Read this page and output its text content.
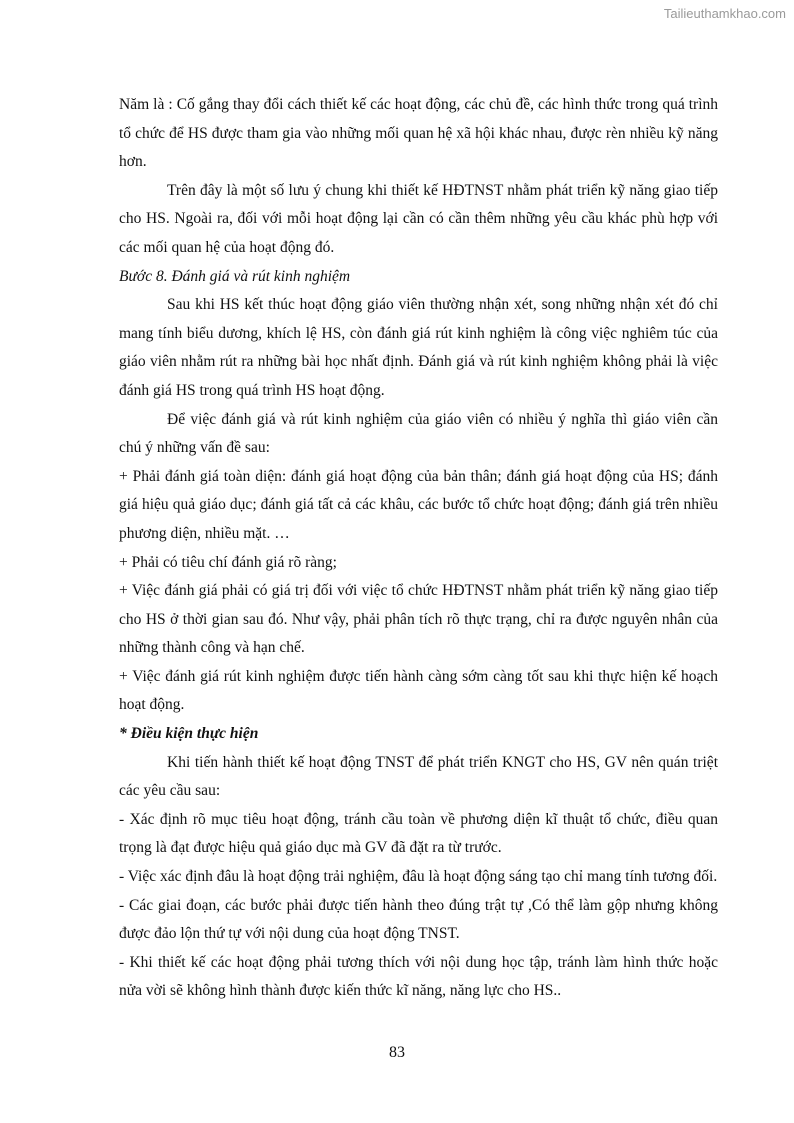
Tailieuthamkhao.com

Năm là : Cố gắng thay đổi cách thiết kế các hoạt động, các chủ đề, các hình thức trong quá trình tổ chức để HS được tham gia vào những mối quan hệ xã hội khác nhau, được rèn nhiều kỹ năng hơn.

Trên đây là một số lưu ý chung khi thiết kế HĐTNST nhằm phát triển kỹ năng giao tiếp cho HS. Ngoài ra, đối với mỗi hoạt động lại cần có cần thêm những yêu cầu khác phù hợp với các mối quan hệ của hoạt động đó.

Bước 8. Đánh giá và rút kinh nghiệm

Sau khi HS kết thúc hoạt động giáo viên thường nhận xét, song những nhận xét đó chỉ mang tính biểu dương, khích lệ HS, còn đánh giá rút kinh nghiệm là công việc nghiêm túc của giáo viên nhằm rút ra những bài học nhất định. Đánh giá và rút kinh nghiệm không phải là việc đánh giá HS trong quá trình HS hoạt động.

Để việc đánh giá và rút kinh nghiệm của giáo viên có nhiều ý nghĩa thì giáo viên cần chú ý những vấn đề sau:

+ Phải đánh giá toàn diện: đánh giá hoạt động của bản thân; đánh giá hoạt động của HS; đánh giá hiệu quả giáo dục; đánh giá tất cả các khâu, các bước tổ chức hoạt động; đánh giá trên nhiều phương diện, nhiều mặt. …

+ Phải có tiêu chí đánh giá rõ ràng;

+ Việc đánh giá phải có giá trị đối với việc tổ chức HĐTNST nhằm phát triển kỹ năng giao tiếp cho HS ở thời gian sau đó. Như vậy, phải phân tích rõ thực trạng, chỉ ra được nguyên nhân của những thành công và hạn chế.

+ Việc đánh giá rút kinh nghiệm được tiến hành càng sớm càng tốt sau khi thực hiện kế hoạch hoạt động.

* Điều kiện thực hiện

Khi tiến hành thiết kế hoạt động TNST để phát triển KNGT cho HS, GV nên quán triệt các yêu cầu sau:

- Xác định rõ mục tiêu hoạt động, tránh cầu toàn về phương diện kĩ thuật tổ chức, điều quan trọng là đạt được hiệu quả giáo dục mà GV đã đặt ra từ trước.

- Việc xác định đâu là hoạt động trải nghiệm, đâu là hoạt động sáng tạo chỉ mang tính tương đối.

- Các giai đoạn, các bước phải được tiến hành theo đúng trật tự ,Có thể làm gộp nhưng không được đảo lộn thứ tự với nội dung của hoạt động TNST.

- Khi thiết kế các hoạt động phải tương thích với nội dung học tập, tránh làm hình thức hoặc nửa vời sẽ không hình thành được kiến thức kĩ năng, năng lực cho HS..

83
